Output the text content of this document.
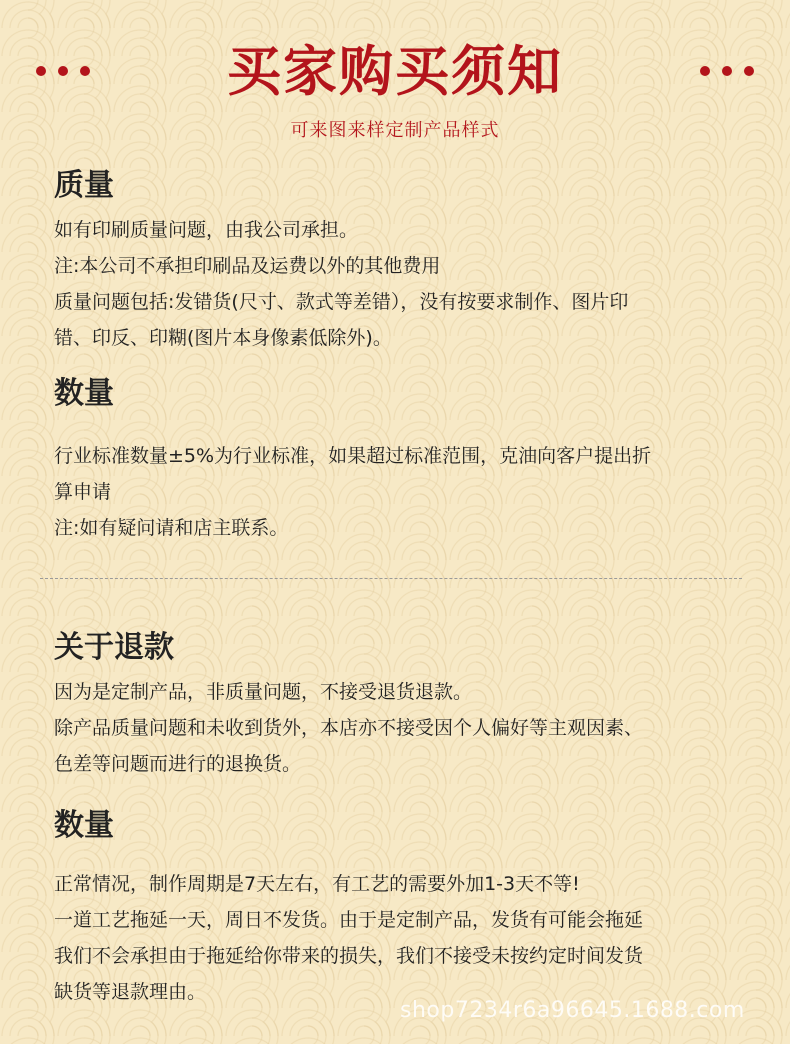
买家购买须知
可来图来样定制产品样式
质量
如有印刷质量问题，由我公司承担。
注:本公司不承担印刷品及运费以外的其他费用
质量问题包括:发错货(尺寸、款式等差错），没有按要求制作、图片印
错、印反、印糊(图片本身像素低除外)。
数量
行业标准数量±5%为行业标准，如果超过标准范围，克油向客户提出折
算申请
注:如有疑问请和店主联系。
关于退款
因为是定制产品，非质量问题，不接受退货退款。
除产品质量问题和未收到货外，本店亦不接受因个人偏好等主观因素、
色差等问题而进行的退换货。
数量
正常情况，制作周期是7天左右，有工艺的需要外加1-3天不等!
一道工艺拖延一天，周日不发货。由于是定制产品，发货有可能会拖延
我们不会承担由于拖延给你带来的损失，我们不接受未按约定时间发货
缺货等退款理由。
shop7234r6a96645.1688.com
